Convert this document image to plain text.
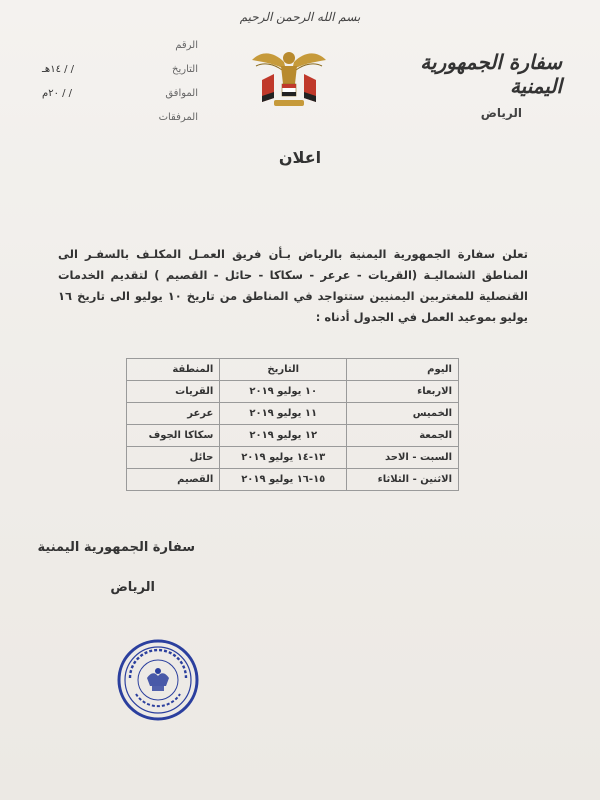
بسم الله الرحمن الرحيم
سفارة الجمهورية اليمنية
الرياض
الرقم
التاريخ
/ / ١٤هـ
الموافق
/ / ٢٠م
المرفقات
اعلان
تعلن سفارة الجمهورية اليمنية بالرياض بـأن فريق العمـل المكلـف بالسفـر الى المناطق الشماليـة (القريات - عرعر - سكاكا - حائل - القصيم ) لتقديم الخدمات القنصلية للمغتربين اليمنيين ستتواجد في المناطق من تاريخ ١٠ يوليو الى تاريخ ١٦ يوليو بموعيد العمل في الجدول أدناه :
اليوم	التاريخ	المنطقة
الاربعاء	١٠ يوليو ٢٠١٩	القريات
الخميس	١١ يوليو ٢٠١٩	عرعر
الجمعة	١٢ يوليو ٢٠١٩	سكاكا الجوف
السبت - الاحد	١٣-١٤ يوليو ٢٠١٩	حائل
الاثنين - الثلاثاء	١٥-١٦ يوليو ٢٠١٩	القصيم
سفارة الجمهورية اليمنية
الرياض
